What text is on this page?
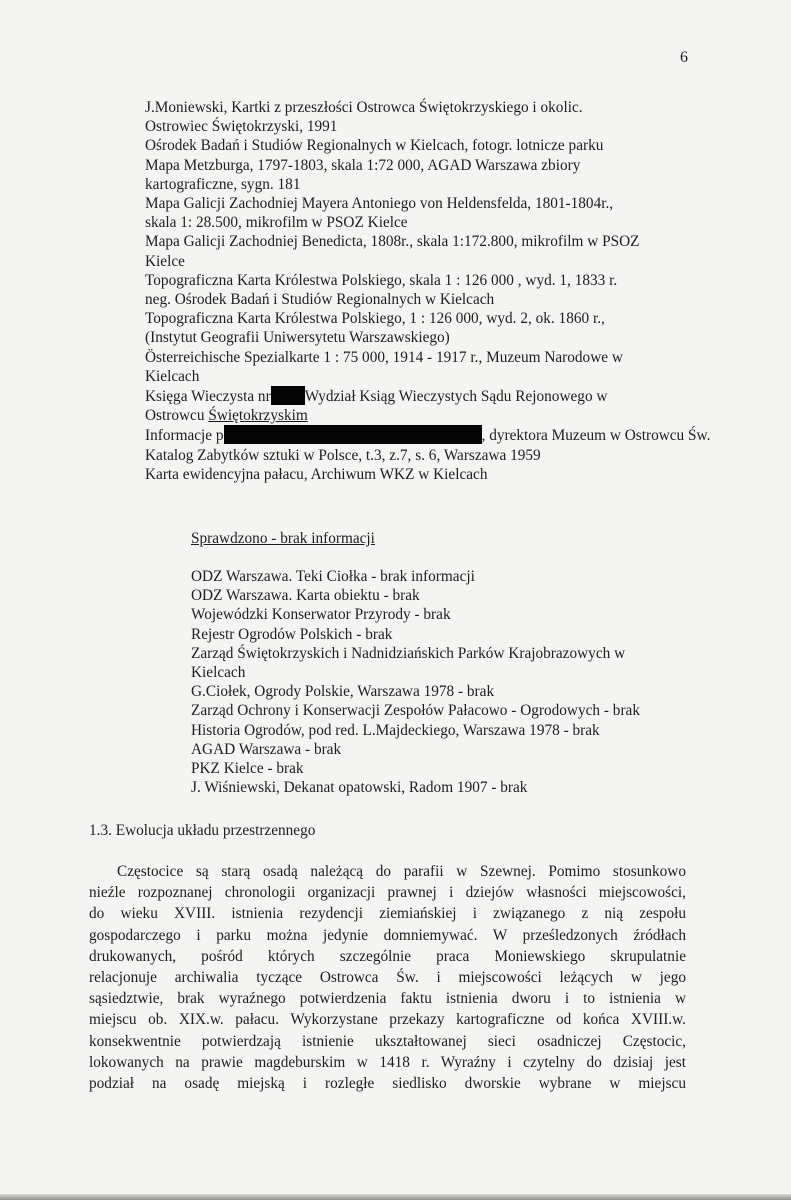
6
J.Moniewski, Kartki z przeszłości Ostrowca Świętokrzyskiego i okolic.
Ostrowiec Świętokrzyski, 1991
Ośrodek Badań i Studiów Regionalnych w Kielcach, fotogr. lotnicze parku
Mapa Metzburga, 1797-1803, skala 1:72 000, AGAD Warszawa zbiory
kartograficzne, sygn. 181
Mapa Galicji Zachodniej Mayera Antoniego von Heldensfelda, 1801-1804r.,
skala 1: 28.500, mikrofilm w PSOZ Kielce
Mapa Galicji Zachodniej Benedicta, 1808r., skala 1:172.800, mikrofilm w PSOZ
Kielce
Topograficzna Karta Królestwa Polskiego, skala 1 : 126 000 , wyd. 1, 1833 r.
neg. Ośrodek Badań i Studiów Regionalnych w Kielcach
Topograficzna Karta Królestwa Polskiego, 1 : 126 000, wyd. 2, ok. 1860 r.,
(Instytut Geografii Uniwersytetu Warszawskiego)
Österreichische Spezialkarte 1 : 75 000, 1914 - 1917 r., Muzeum Narodowe w
Kielcach
Księga Wieczysta nr Wydział Ksiąg Wieczystych Sądu Rejonowego w
Ostrowcu Świętokrzyskim
Informacje p	, dyrektora Muzeum w Ostrowcu Św.
Katalog Zabytków sztuki w Polsce, t.3, z.7, s. 6, Warszawa 1959
Karta ewidencyjna pałacu, Archiwum WKZ w Kielcach
Sprawdzono - brak informacji
ODZ Warszawa. Teki Ciołka - brak informacji
ODZ Warszawa. Karta obiektu - brak
Wojewódzki Konserwator Przyrody - brak
Rejestr Ogrodów Polskich - brak
Zarząd Świętokrzyskich i Nadnidziańskich Parków Krajobrazowych w
Kielcach
G.Ciołek, Ogrody Polskie, Warszawa 1978 - brak
Zarząd Ochrony i Konserwacji Zespołów Pałacowo - Ogrodowych - brak
Historia Ogrodów, pod red. L.Majdeckiego, Warszawa 1978 - brak
AGAD Warszawa - brak
PKZ Kielce - brak
J. Wiśniewski, Dekanat opatowski, Radom 1907 - brak
1.3. Ewolucja układu przestrzennego
Częstocice są starą osadą należącą do parafii w Szewnej. Pomimo stosunkowo
nieźle rozpoznanej chronologii organizacji prawnej i dziejów własności miejscowości,
do wieku XVIII. istnienia rezydencji ziemiańskiej i związanego z nią zespołu
gospodarczego i parku można jedynie domniemywać. W prześledzonych źródłach
drukowanych, pośród których szczególnie praca Moniewskiego skrupulatnie
relacjonuje archiwalia tyczące Ostrowca Św. i miejscowości leżących w jego
sąsiedztwie, brak wyraźnego potwierdzenia faktu istnienia dworu i to istnienia w
miejscu ob. XIX.w. pałacu. Wykorzystane przekazy kartograficzne od końca XVIII.w.
konsekwentnie potwierdzają istnienie ukształtowanej sieci osadniczej Częstocic,
lokowanych na prawie magdeburskim w 1418 r. Wyraźny i czytelny do dzisiaj jest
podział na osadę miejską i rozległe siedlisko dworskie wybrane w miejscu
